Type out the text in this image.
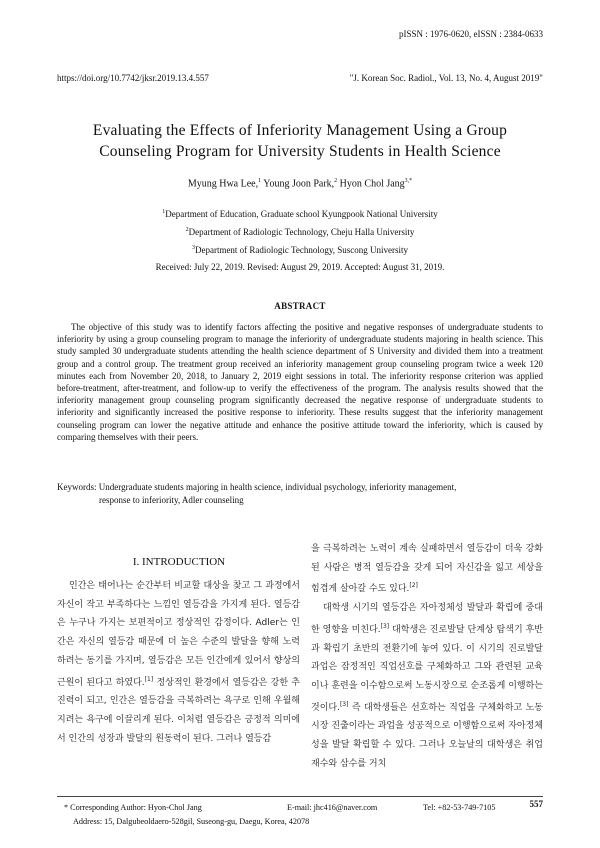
pISSN : 1976-0620, eISSN : 2384-0633
https://doi.org/10.7742/jksr.2019.13.4.557	"J. Korean Soc. Radiol., Vol. 13, No. 4, August 2019"
Evaluating the Effects of Inferiority Management Using a Group
Counseling Program for University Students in Health Science
Myung Hwa Lee,$^1$ Young Joon Park,$^2$ Hyon Chol Jang$^{3,*}$
$^1$Department of Education, Graduate school Kyungpook National University
$^2$Department of Radiologic Technology, Cheju Halla University
$^3$Department of Radiologic Technology, Suscong University
Received: July 22, 2019. Revised: August 29, 2019. Accepted: August 31, 2019.
ABSTRACT

The objective of this study was to identify factors affecting the positive and negative responses of undergraduate students to inferiority by using a group counseling program to manage the inferiority of undergraduate students majoring in health science. This study sampled 30 undergraduate students attending the health science department of S University and divided them into a treatment group and a control group. The treatment group received an inferiority management group counseling program twice a week 120 minutes each from November 20, 2018, to January 2, 2019 eight sessions in total. The inferiority response criterion was applied before-treatment, after-treatment, and follow-up to verify the effectiveness of the program. The analysis results showed that the inferiority management group counseling program significantly decreased the negative response of undergraduate students to inferiority and significantly increased the positive response to inferiority. These results suggest that the inferiority management counseling program can lower the negative attitude and enhance the positive attitude toward the inferiority, which is caused by comparing themselves with their peers.

Keywords: Undergraduate students majoring in health science, individual psychology, inferiority management,
response to inferiority, Adler counseling
I. INTRODUCTION

인간은 태어나는 순간부터 비교할 대상을 찾고 그 과정에서 자신이 작고 부족하다는 느낌인 열등감을 가지게 된다. 열등감은 누구나 가지는 보편적이고 정상적인 감정이다. Adler는 인간은 자신의 열등감 때문에 더 높은 수준의 발달을 향해 노력하려는 동기를 가지며, 열등감은 모든 인간에게 있어서 향상의 근원이 된다고 하였다.[1] 정상적인 환경에서 열등감은 강한 추진력이 되고, 인간은 열등감을 극복하려는 욕구로 인해 우월해지려는 욕구에 이끌리게 된다. 이처럼 열등감은 긍정적 의미에서 인간의 성장과 발달의 원동력이 된다. 그러나 열등감

을 극복하려는 노력이 계속 실패하면서 열등감이 더욱 강화된 사람은 병적 열등감을 갖게 되어 자신감을 잃고 세상을 힘겹게 살아갈 수도 있다.[2]

대학생 시기의 열등감은 자아정체성 발달과 확립에 중대한 영향을 미친다.[3] 대학생은 진로발달 단계상 탐색기 후반과 확립기 초반의 전환기에 놓여 있다. 이 시기의 진로발달 과업은 잠정적인 직업선호를 구체화하고 그와 관련된 교육이나 훈련을 이수함으로써 노동시장으로 순조롭게 이행하는 것이다.[3] 즉 대학생들은 선호하는 직업을 구체화하고 노동시장 진출이라는 과업을 성공적으로 이행함으로써 자아정체성을 발달 확립할 수 있다. 그러나 오늘날의 대학생은 취업 재수와 삼수를 거치

* Corresponding Author: Hyon-Chol Jang	E-mail: jhc416@naver.com	Tel: +82-53-749-7105
Address: 15, Dalgubeoldaero-528gil, Suseong-gu, Daegu, Korea, 42078
557
